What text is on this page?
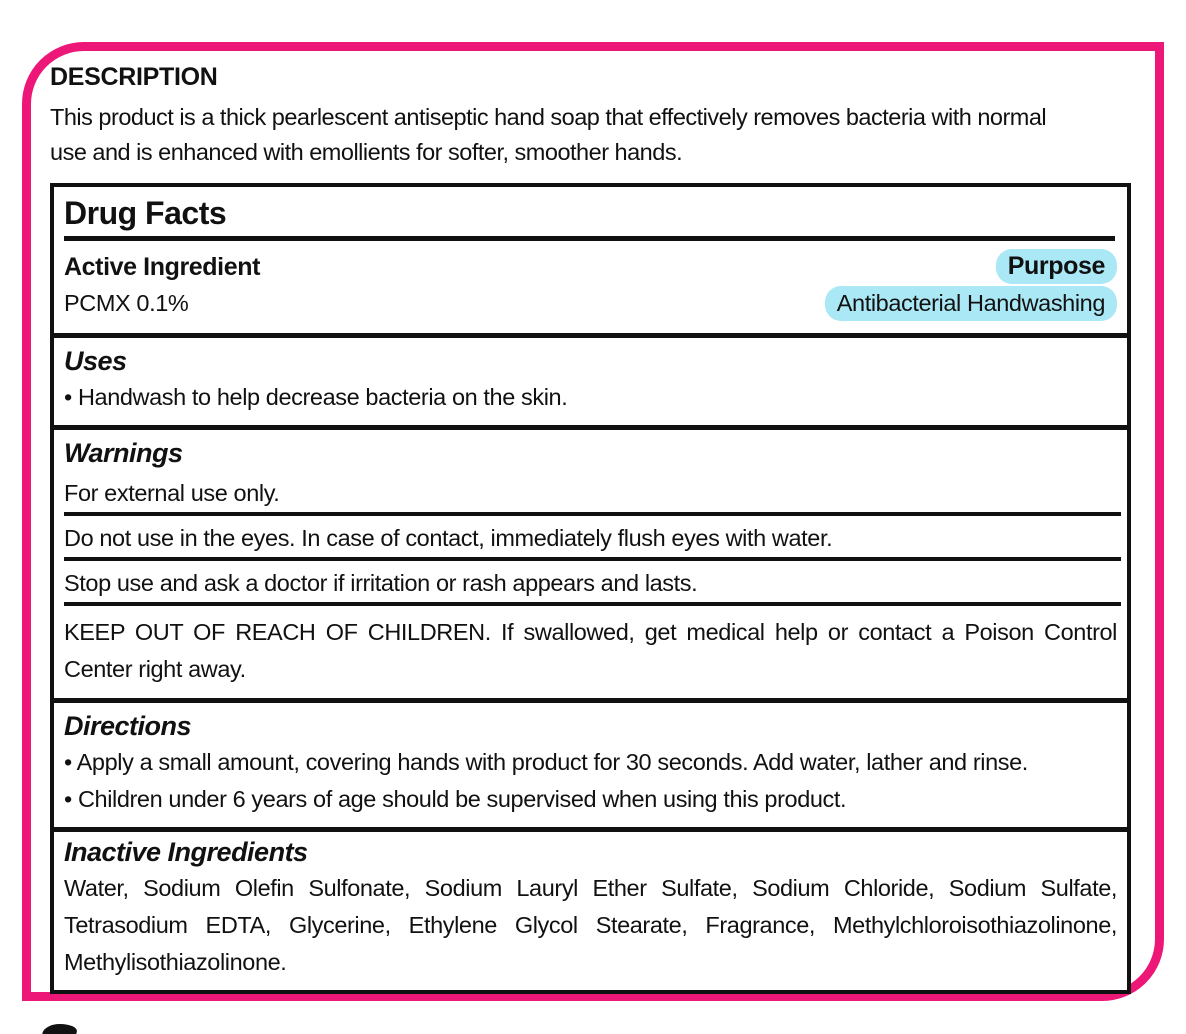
DESCRIPTION
This product is a thick pearlescent antiseptic hand soap that effectively removes bacteria with normal
use and is enhanced with emollients for softer, smoother hands.
Drug Facts
Active Ingredient
PCMX 0.1%
Purpose
Antibacterial Handwashing
Uses
• Handwash to help decrease bacteria on the skin.
Warnings
For external use only.
Do not use in the eyes. In case of contact, immediately flush eyes with water.
Stop use and ask a doctor if irritation or rash appears and lasts.
KEEP OUT OF REACH OF CHILDREN. If swallowed, get medical help or contact a Poison Control
Center right away.
Directions
• Apply a small amount, covering hands with product for 30 seconds. Add water, lather and rinse.
• Children under 6 years of age should be supervised when using this product.
Inactive Ingredients
Water, Sodium Olefin Sulfonate, Sodium Lauryl Ether Sulfate, Sodium Chloride, Sodium Sulfate,
Tetrasodium EDTA, Glycerine, Ethylene Glycol Stearate, Fragrance, Methylchloroisothiazolinone,
Methylisothiazolinone.
